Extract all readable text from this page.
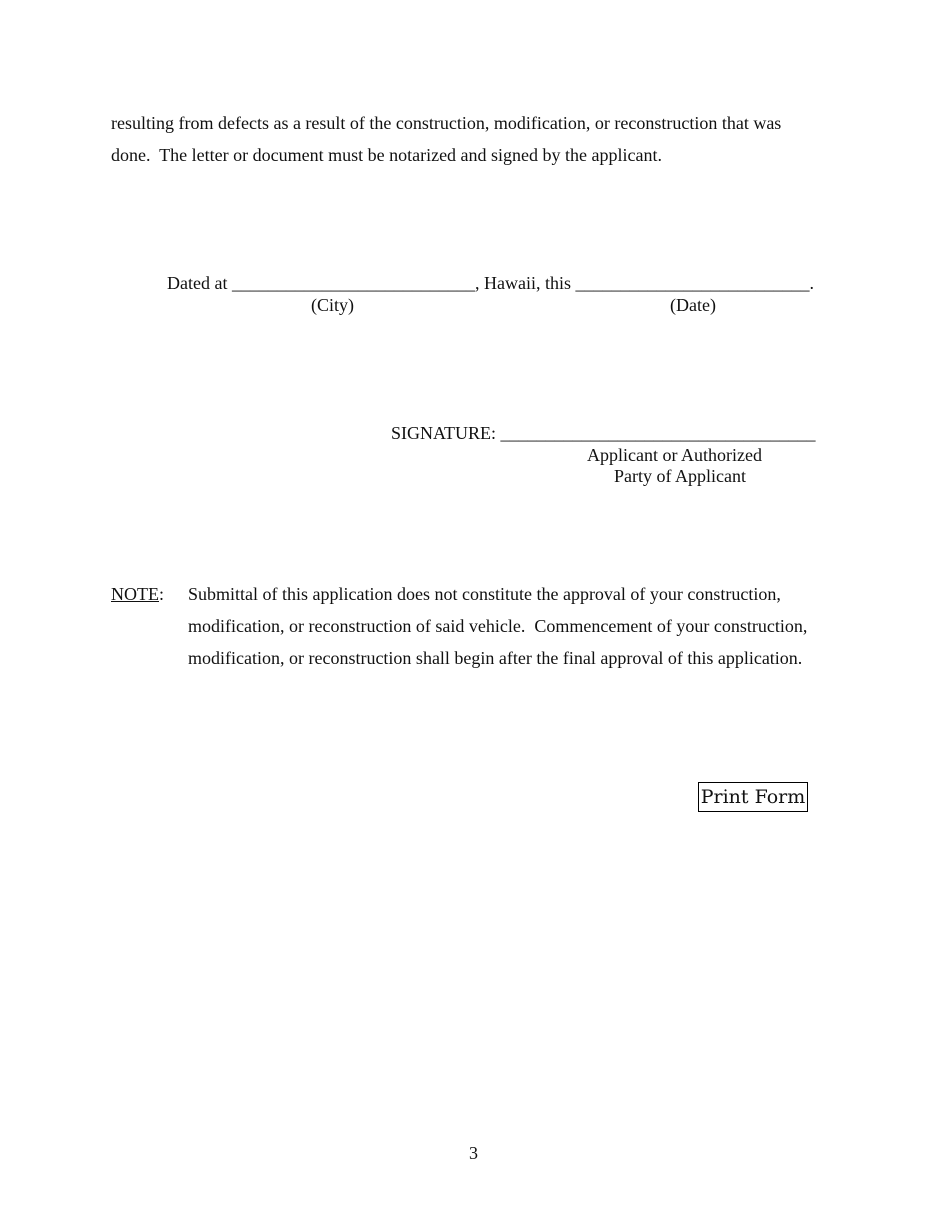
resulting from defects as a result of the construction, modification, or reconstruction that was
done.  The letter or document must be notarized and signed by the applicant.
Dated at ___________________________, Hawaii, this __________________________.
(City)	(Date)
SIGNATURE: ___________________________________
Applicant or Authorized
Party of Applicant
NOTE: Submittal of this application does not constitute the approval of your construction,
modification, or reconstruction of said vehicle.  Commencement of your construction,
modification, or reconstruction shall begin after the final approval of this application.
Print Form
3
